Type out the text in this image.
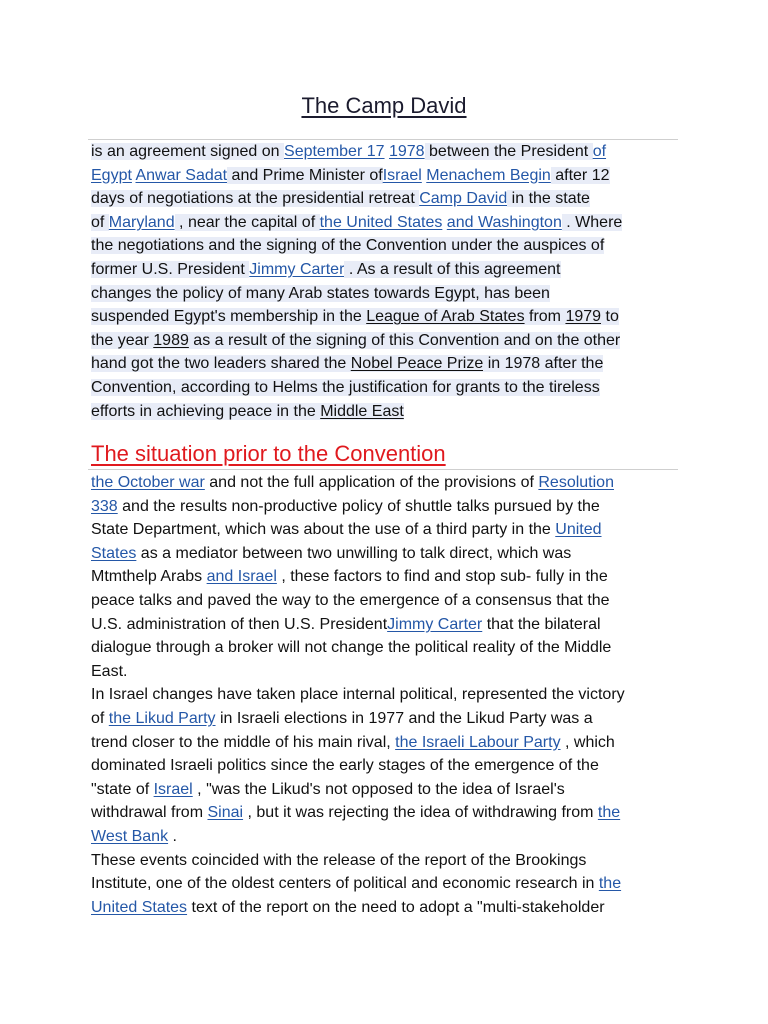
The Camp David
is an agreement signed on September 17 1978 between the President of
Egypt Anwar Sadat and Prime Minister ofIsrael Menachem Begin after 12
days of negotiations at the presidential retreat Camp David in the state
of Maryland , near the capital of the United States and Washington . Where
the negotiations and the signing of the Convention under the auspices of
former U.S. President Jimmy Carter . As a result of this agreement
changes the policy of many Arab states towards Egypt, has been
suspended Egypt's membership in the League of Arab States from 1979 to
the year 1989 as a result of the signing of this Convention and on the other
hand got the two leaders shared the Nobel Peace Prize in 1978 after the
Convention, according to Helms the justification for grants to the tireless
efforts in achieving peace in the Middle East
The situation prior to the Convention
the October war and not the full application of the provisions of Resolution
338 and the results non-productive policy of shuttle talks pursued by the
State Department, which was about the use of a third party in the United
States as a mediator between two unwilling to talk direct, which was
Mtmthelp Arabs and Israel , these factors to find and stop sub- fully in the
peace talks and paved the way to the emergence of a consensus that the
U.S. administration of then U.S. PresidentJimmy Carter that the bilateral
dialogue through a broker will not change the political reality of the Middle
East.
In Israel changes have taken place internal political, represented the victory
of the Likud Party in Israeli elections in 1977 and the Likud Party was a
trend closer to the middle of his main rival, the Israeli Labour Party , which
dominated Israeli politics since the early stages of the emergence of the
"state of Israel , "was the Likud's not opposed to the idea of Israel's
withdrawal from Sinai , but it was rejecting the idea of withdrawing from the
West Bank .
These events coincided with the release of the report of the Brookings
Institute, one of the oldest centers of political and economic research in the
United States text of the report on the need to adopt a "multi-stakeholder
